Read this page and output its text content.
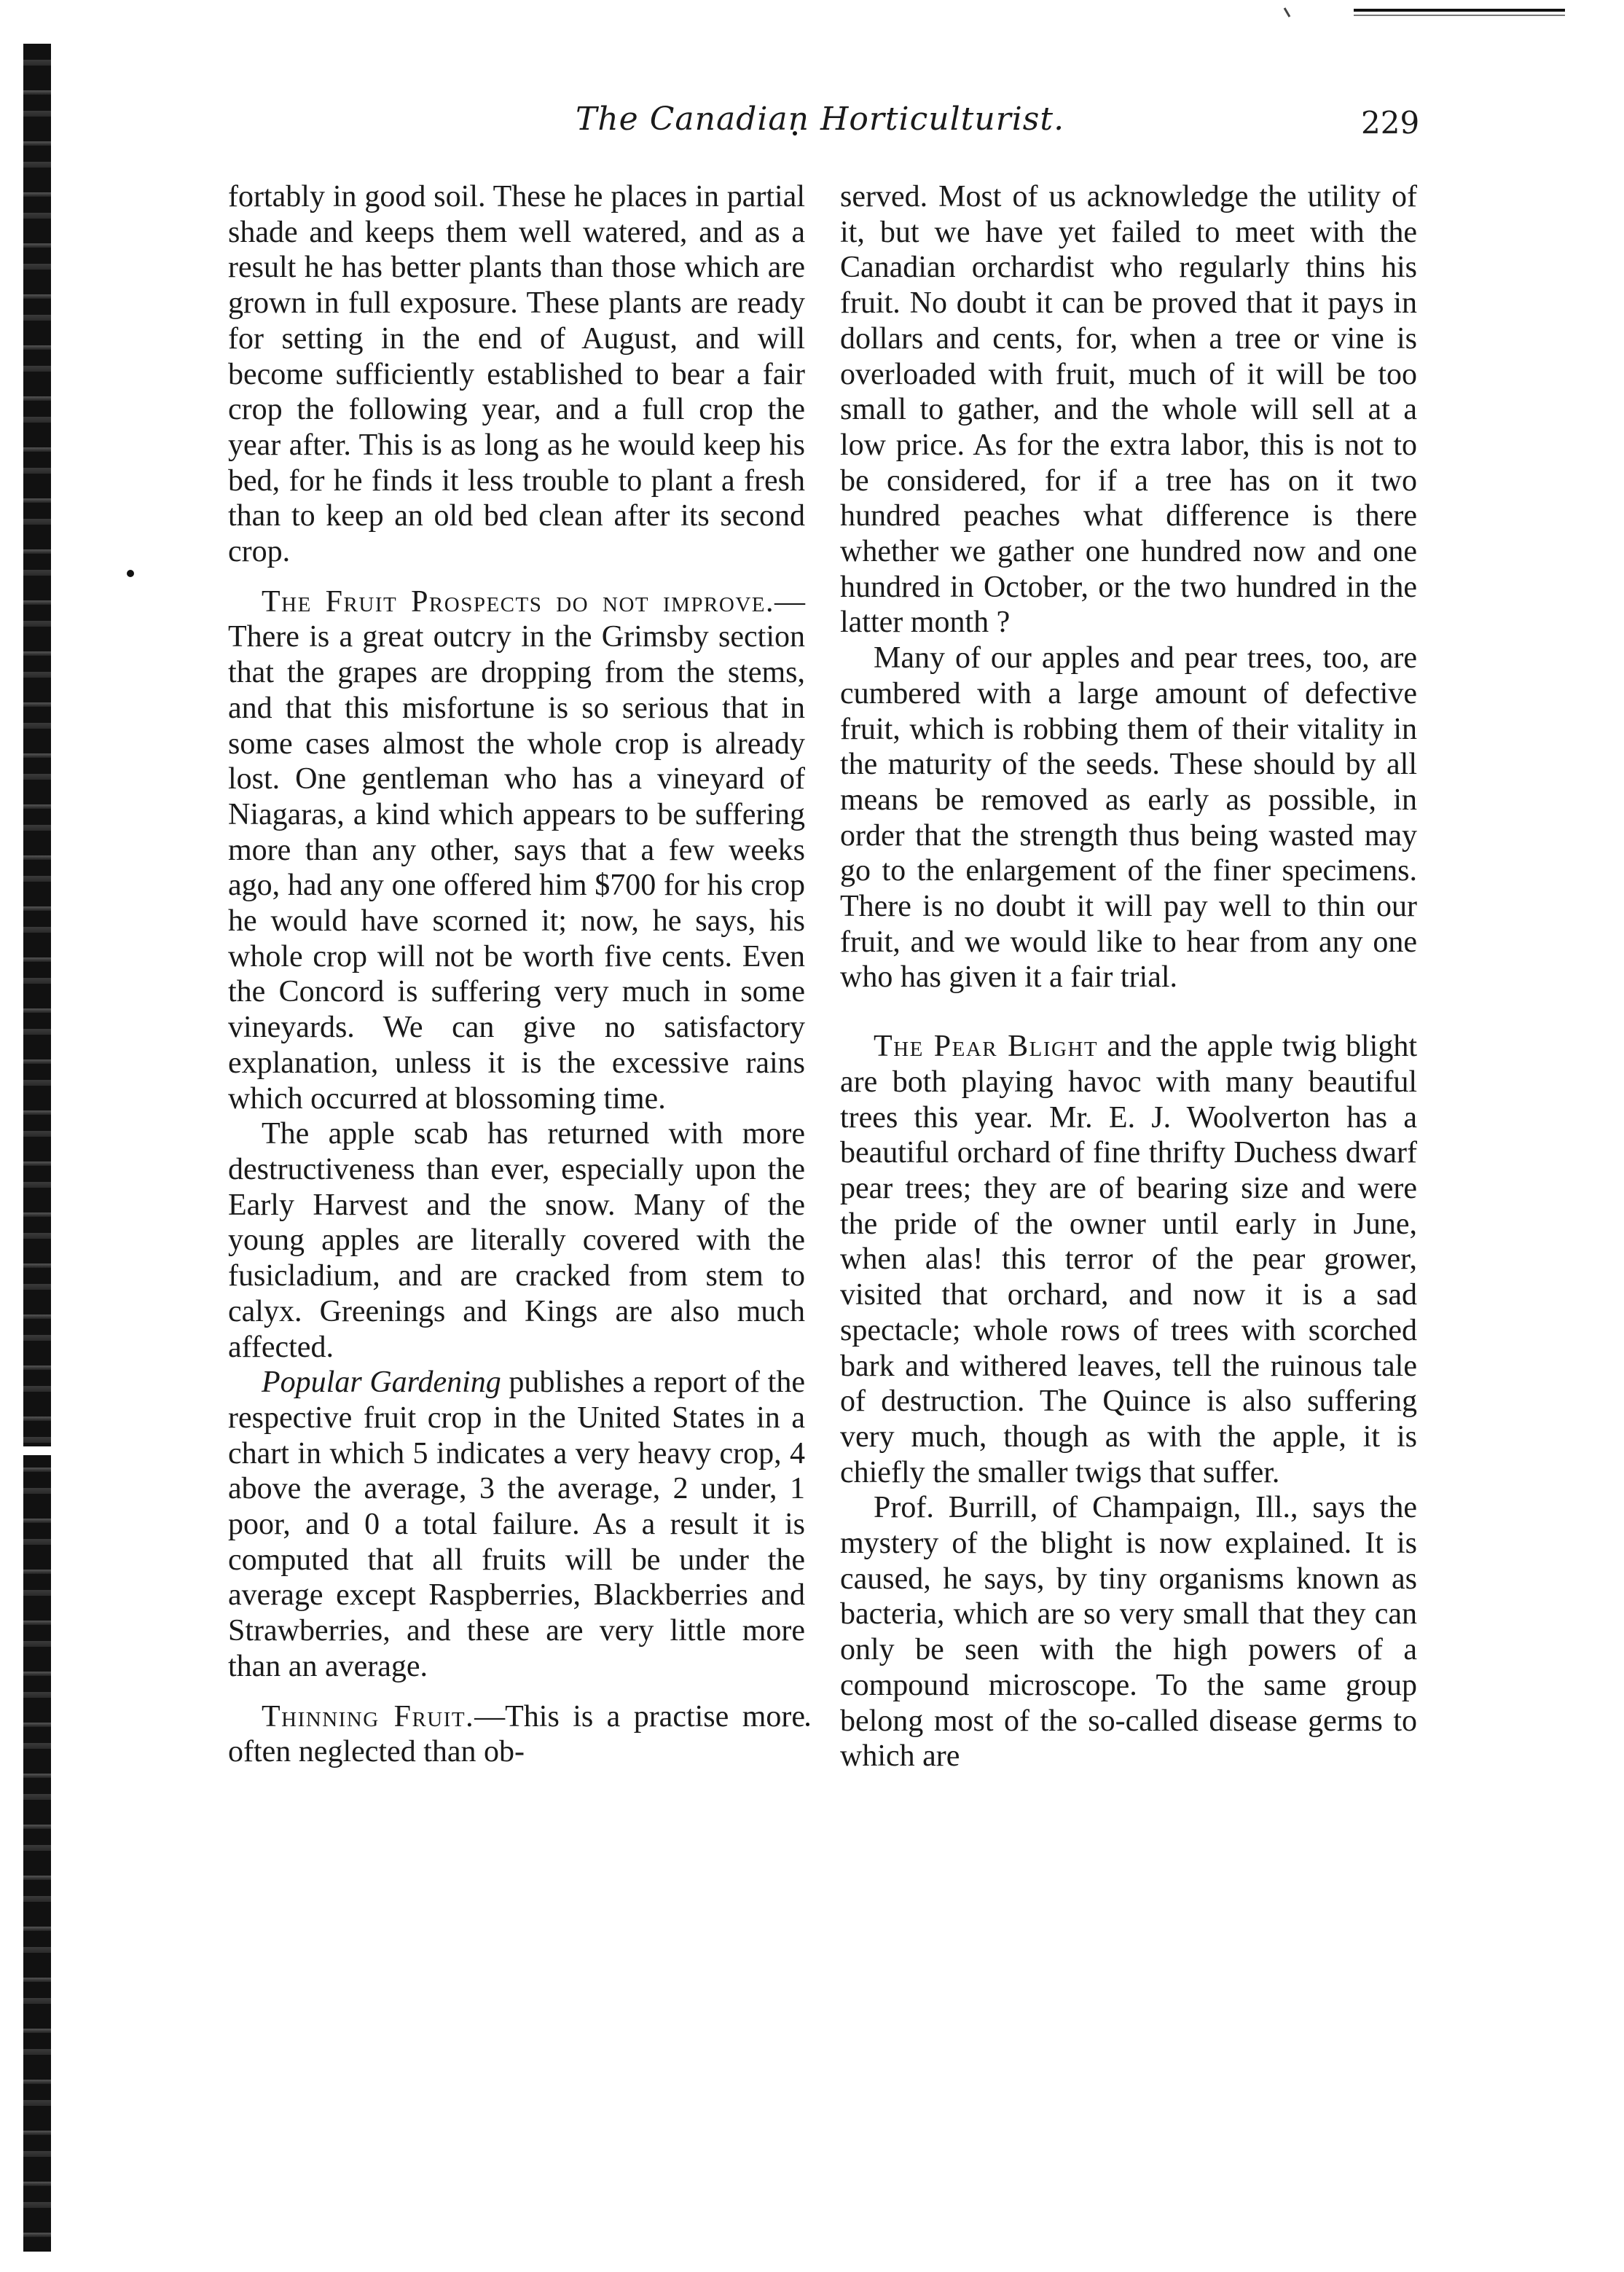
The Canadian Horticulturist.	229

fortably in good soil. These he places in partial shade and keeps them well watered, and as a result he has better plants than those which are grown in full exposure. These plants are ready for setting in the end of August, and will become sufficiently established to bear a fair crop the following year, and a full crop the year after. This is as long as he would keep his bed, for he finds it less trouble to plant a fresh than to keep an old bed clean after its second crop.

The Fruit Prospects do not improve.—There is a great outcry in the Grimsby section that the grapes are dropping from the stems, and that this misfortune is so serious that in some cases almost the whole crop is already lost. One gentleman who has a vineyard of Niagaras, a kind which appears to be suffering more than any other, says that a few weeks ago, had any one offered him $700 for his crop he would have scorned it; now, he says, his whole crop will not be worth five cents. Even the Concord is suffering very much in some vineyards. We can give no satisfactory explanation, unless it is the excessive rains which occurred at blossoming time.

The apple scab has returned with more destructiveness than ever, especially upon the Early Harvest and the snow. Many of the young apples are literally covered with the fusicladium, and are cracked from stem to calyx. Greenings and Kings are also much affected.

Popular Gardening publishes a report of the respective fruit crop in the United States in a chart in which 5 indicates a very heavy crop, 4 above the average, 3 the average, 2 under, 1 poor, and 0 a total failure. As a result it is computed that all fruits will be under the average except Raspberries, Blackberries and Strawberries, and these are very little more than an average.

Thinning Fruit.—This is a practise more often neglected than ob-

served. Most of us acknowledge the utility of it, but we have yet failed to meet with the Canadian orchardist who regularly thins his fruit. No doubt it can be proved that it pays in dollars and cents, for, when a tree or vine is overloaded with fruit, much of it will be too small to gather, and the whole will sell at a low price. As for the extra labor, this is not to be considered, for if a tree has on it two hundred peaches what difference is there whether we gather one hundred now and one hundred in October, or the two hundred in the latter month ?

Many of our apples and pear trees, too, are cumbered with a large amount of defective fruit, which is robbing them of their vitality in the maturity of the seeds. These should by all means be removed as early as possible, in order that the strength thus being wasted may go to the enlargement of the finer specimens. There is no doubt it will pay well to thin our fruit, and we would like to hear from any one who has given it a fair trial.

The Pear Blight and the apple twig blight are both playing havoc with many beautiful trees this year. Mr. E. J. Woolverton has a beautiful orchard of fine thrifty Duchess dwarf pear trees; they are of bearing size and were the pride of the owner until early in June, when alas! this terror of the pear grower, visited that orchard, and now it is a sad spectacle; whole rows of trees with scorched bark and withered leaves, tell the ruinous tale of destruction. The Quince is also suffering very much, though as with the apple, it is chiefly the smaller twigs that suffer.

Prof. Burrill, of Champaign, Ill., says the mystery of the blight is now explained. It is caused, he says, by tiny organisms known as bacteria, which are so very small that they can only be seen with the high powers of a compound microscope. To the same group belong most of the so-called disease germs to which are
